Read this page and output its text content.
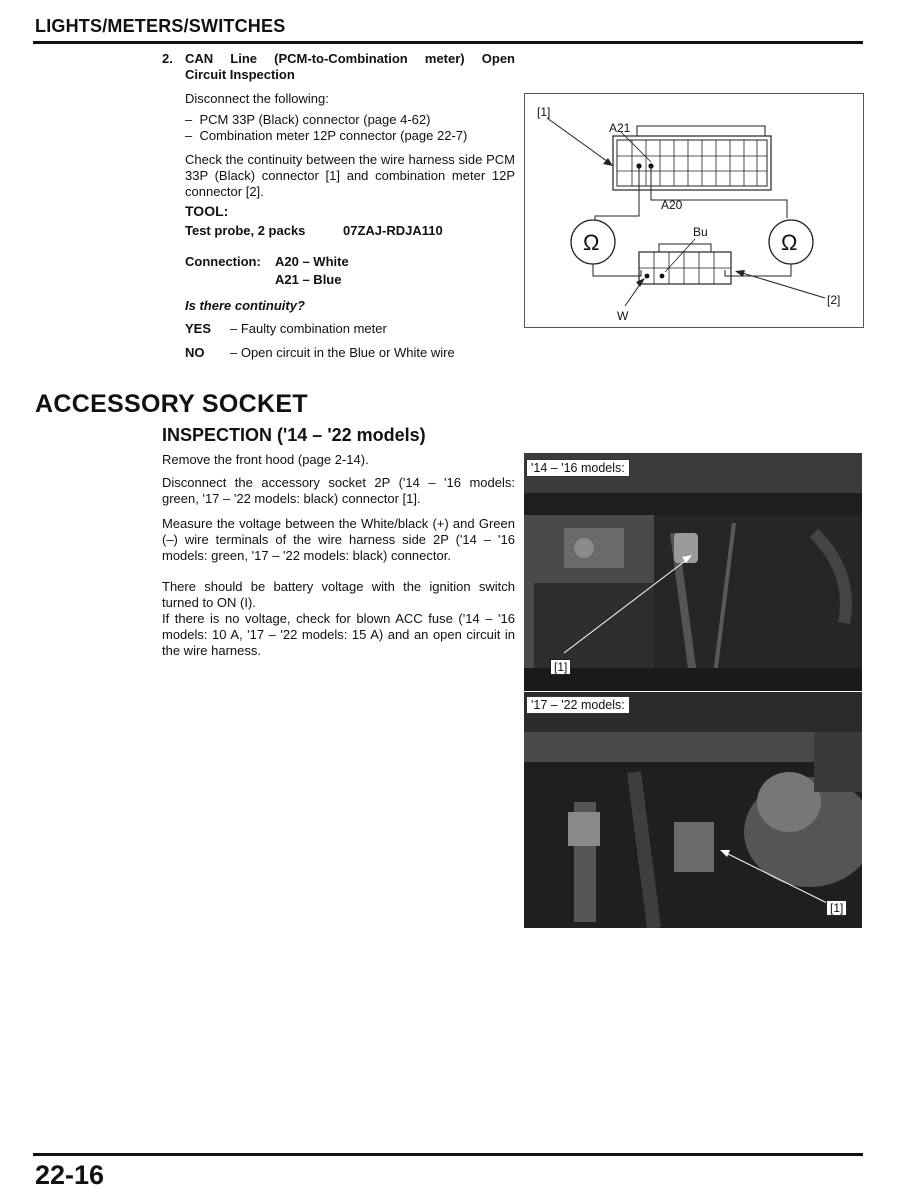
LIGHTS/METERS/SWITCHES
2. CAN Line (PCM-to-Combination meter) Open
Circuit Inspection
Disconnect the following:
–  PCM 33P (Black) connector (page 4-62)
–  Combination meter 12P connector (page 22-7)
Check the continuity between the wire harness side PCM 33P (Black) connector [1] and combination meter 12P connector [2].
TOOL:
Test probe, 2 packs	07ZAJ-RDJA110
Connection: A20 – White
A21 – Blue
Is there continuity?
YES – Faulty combination meter
NO – Open circuit in the Blue or White wire
[1]
A21
A20
Bu
W
[2]
Ω	Ω
ACCESSORY SOCKET
INSPECTION ('14 – '22 models)
Remove the front hood (page 2-14).
Disconnect the accessory socket 2P ('14 – '16 models: green, '17 – '22 models: black) connector [1].
Measure the voltage between the White/black (+) and Green (–) wire terminals of the wire harness side 2P ('14 – '16 models: green, '17 – '22 models: black) connector.
There should be battery voltage with the ignition switch turned to ON (I).
If there is no voltage, check for blown ACC fuse ('14 – '16 models: 10 A, '17 – '22 models: 15 A) and an open circuit in the wire harness.
'14 – '16 models:
[1]
'17 – '22 models:
[1]
22-16
